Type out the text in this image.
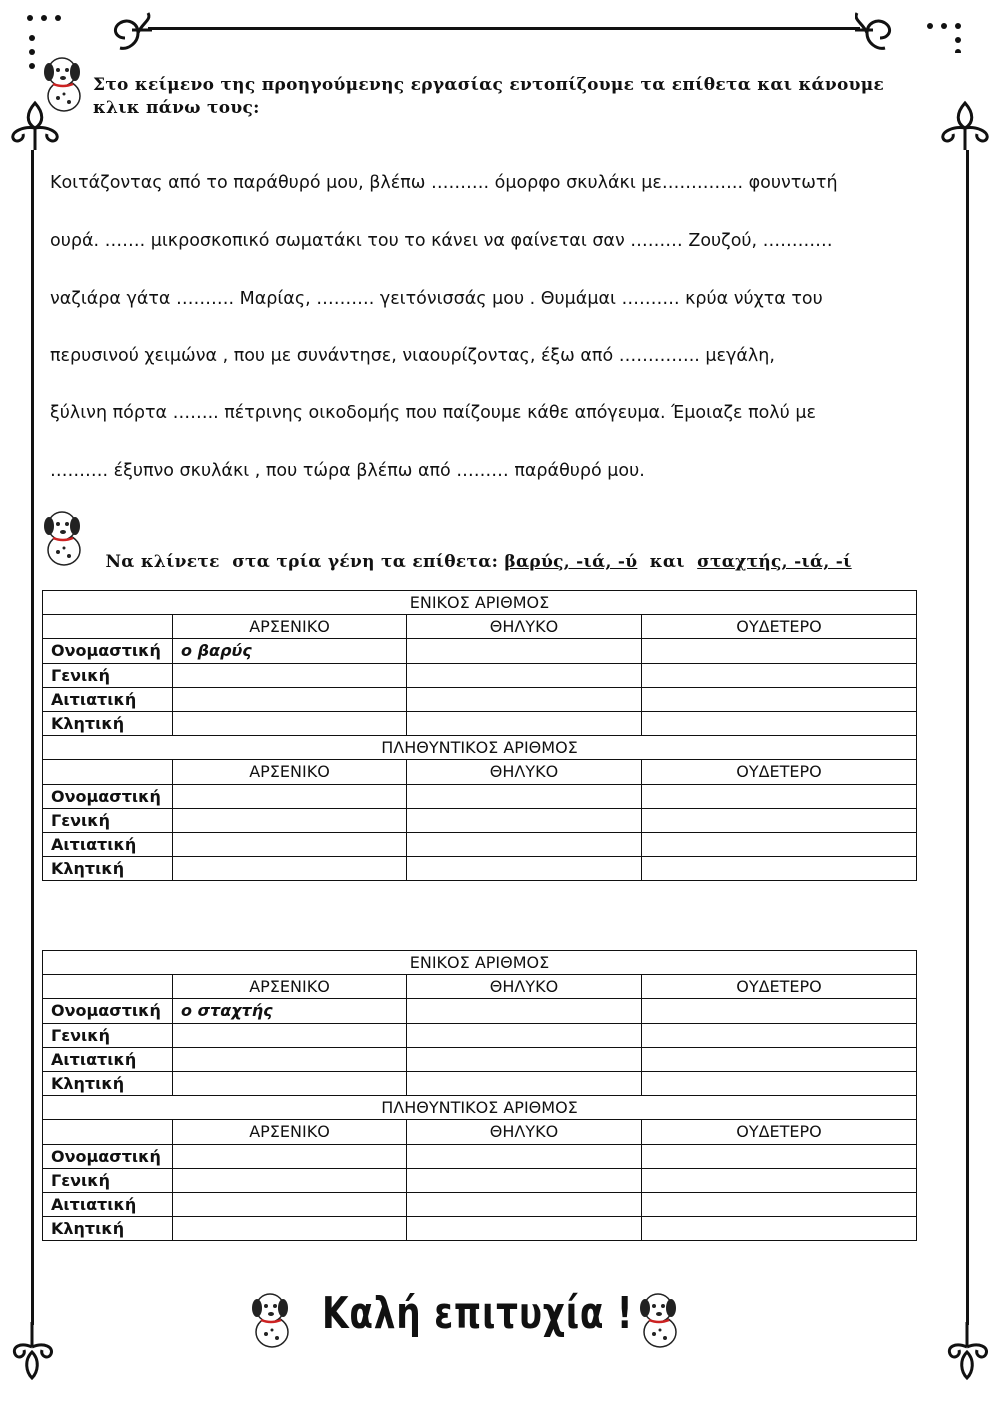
Στο κείμενο της προηγούμενης εργασίας εντοπίζουμε τα επίθετα και κάνουμε
κλικ πάνω τους:
Κοιτάζοντας από το παράθυρό μου, βλέπω ………. όμορφο σκυλάκι με………….. φουντωτή
ουρά. ……. μικροσκοπικό σωματάκι του το κάνει να φαίνεται σαν ……… Ζουζού, …………
ναζιάρα γάτα ………. Μαρίας, ………. γειτόνισσάς μου . Θυμάμαι ………. κρύα νύχτα του
περυσινού χειμώνα , που με συνάντησε, νιαουρίζοντας, έξω από ………….. μεγάλη,
ξύλινη πόρτα …….. πέτρινης οικοδομής που παίζουμε κάθε απόγευμα. Έμοιαζε πολύ με
………. έξυπνο σκυλάκι , που τώρα βλέπω από ……… παράθυρό μου.

Να κλίνετε  στα τρία γένη τα επίθετα: βαρύς, -ιά, -ύ  και  σταχτής, -ιά, -ί

ΕΝΙΚΟΣ ΑΡΙΘΜΟΣ			
	ΑΡΣΕΝΙΚΟ	ΘΗΛΥΚΟ	ΟΥΔΕΤΕΡΟ
Ονομαστική	ο βαρύς		
Γενική			
Αιτιατική			
Κλητική			
ΠΛΗΘΥΝΤΙΚΟΣ ΑΡΙΘΜΟΣ			
	ΑΡΣΕΝΙΚΟ	ΘΗΛΥΚΟ	ΟΥΔΕΤΕΡΟ
Ονομαστική			
Γενική			
Αιτιατική			
Κλητική			
ΕΝΙΚΟΣ ΑΡΙΘΜΟΣ			
	ΑΡΣΕΝΙΚΟ	ΘΗΛΥΚΟ	ΟΥΔΕΤΕΡΟ
Ονομαστική	ο σταχτής		
Γενική			
Αιτιατική			
Κλητική			
ΠΛΗΘΥΝΤΙΚΟΣ ΑΡΙΘΜΟΣ			
	ΑΡΣΕΝΙΚΟ	ΘΗΛΥΚΟ	ΟΥΔΕΤΕΡΟ
Ονομαστική			
Γενική			
Αιτιατική			
Κλητική			
Καλή επιτυχία !
